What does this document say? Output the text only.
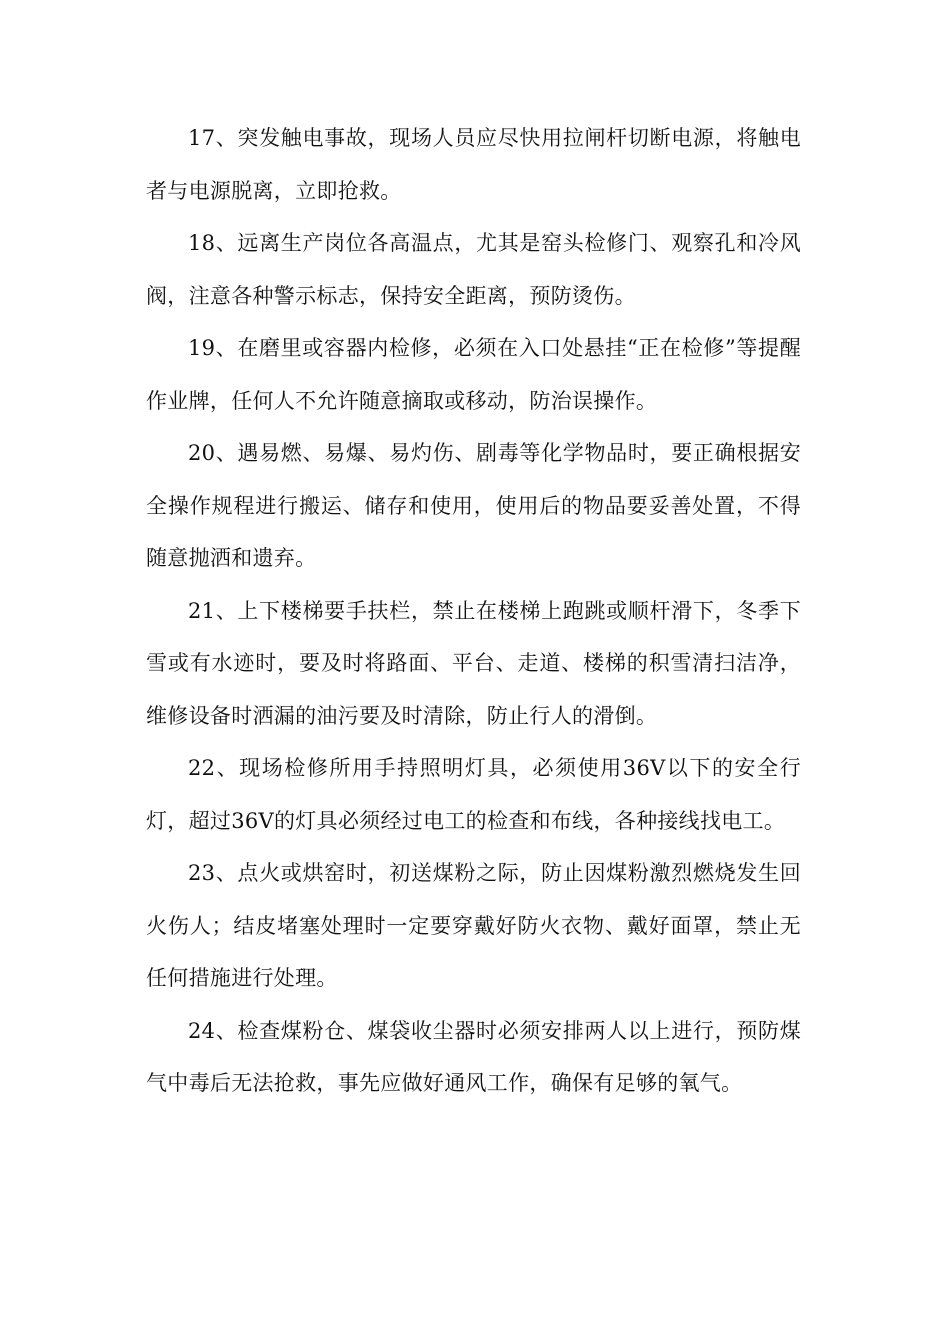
17、突发触电事故，现场人员应尽快用拉闸杆切断电源，将触电者与电源脱离，立即抢救。

18、远离生产岗位各高温点，尤其是窑头检修门、观察孔和冷风阀，注意各种警示标志，保持安全距离，预防烫伤。

19、在磨里或容器内检修，必须在入口处悬挂“正在检修”等提醒作业牌，任何人不允许随意摘取或移动，防治误操作。

20、遇易燃、易爆、易灼伤、剧毒等化学物品时，要正确根据安全操作规程进行搬运、储存和使用，使用后的物品要妥善处置，不得随意抛洒和遗弃。

21、上下楼梯要手扶栏，禁止在楼梯上跑跳或顺杆滑下，冬季下雪或有水迹时，要及时将路面、平台、走道、楼梯的积雪清扫洁净，维修设备时洒漏的油污要及时清除，防止行人的滑倒。

22、现场检修所用手持照明灯具，必须使用36V以下的安全行灯，超过36V的灯具必须经过电工的检查和布线，各种接线找电工。

23、点火或烘窑时，初送煤粉之际，防止因煤粉激烈燃烧发生回火伤人；结皮堵塞处理时一定要穿戴好防火衣物、戴好面罩，禁止无任何措施进行处理。

24、检查煤粉仓、煤袋收尘器时必须安排两人以上进行，预防煤气中毒后无法抢救，事先应做好通风工作，确保有足够的氧气。
